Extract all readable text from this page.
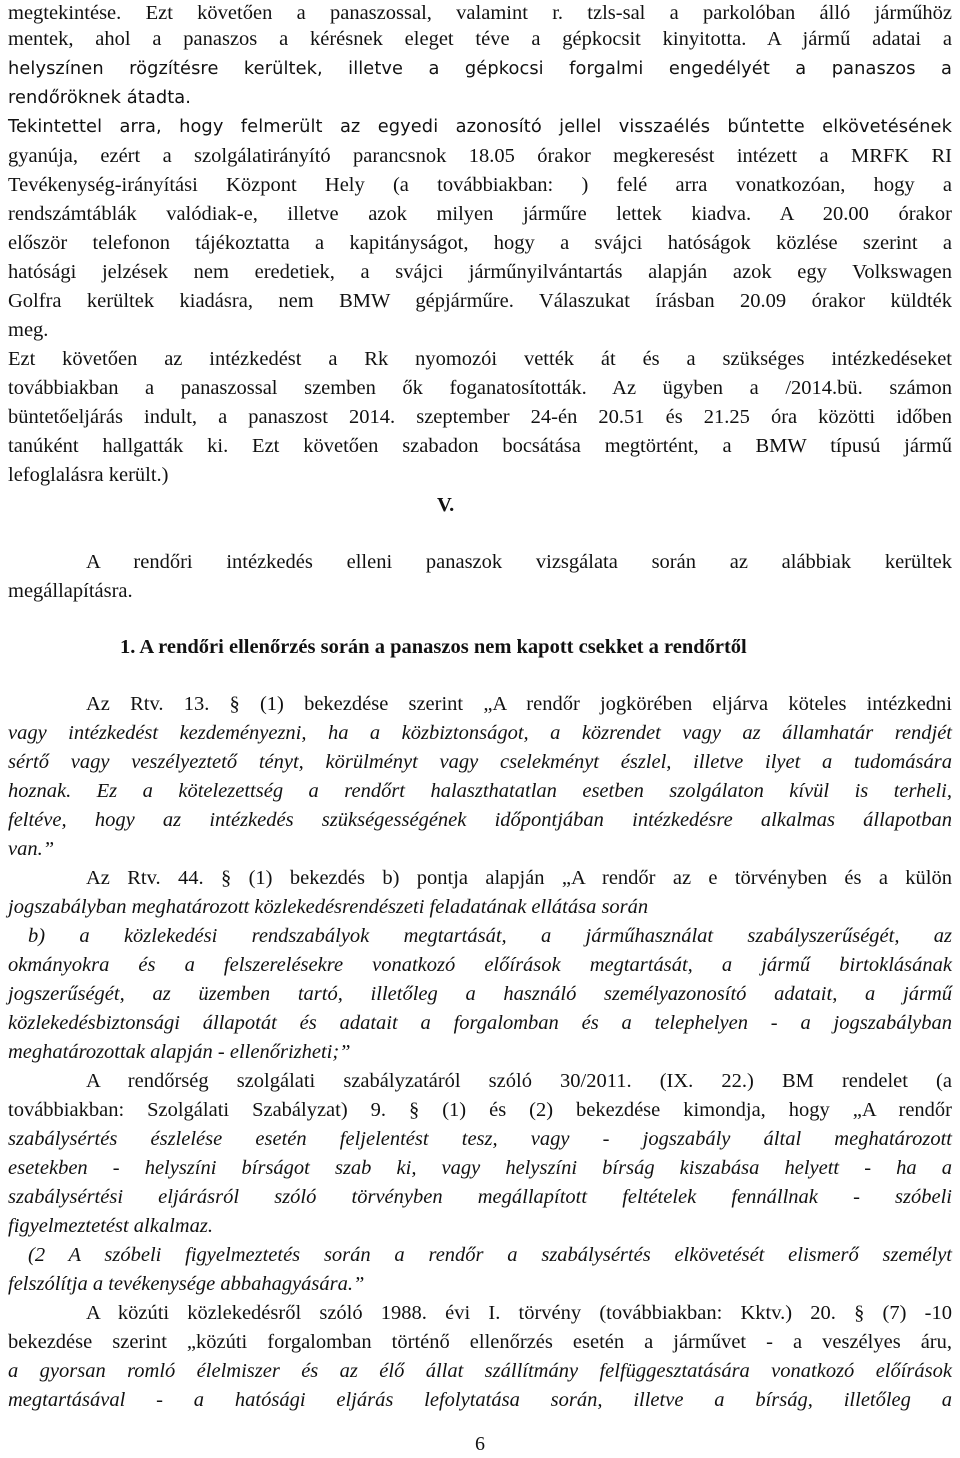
megtekintése. Ezt követően a panaszossal, valamint r. tzls-sal a parkolóban álló járműhöz
mentek, ahol a panaszos a kérésnek eleget téve a gépkocsit kinyitotta. A jármű adatai a
helyszínen rögzítésre kerültek, illetve a gépkocsi forgalmi engedélyét a panaszos a
rendőröknek átadta.
Tekintettel arra, hogy felmerült az egyedi azonosító jellel visszaélés bűntette elkövetésének
gyanúja, ezért a szolgálatirányító parancsnok 18.05 órakor megkeresést intézett a MRFK RI
Tevékenység-irányítási Központ Hely (a továbbiakban: ) felé arra vonatkozóan, hogy a
rendszámtáblák valódiak-e, illetve azok milyen járműre lettek kiadva. A 20.00 órakor
először telefonon tájékoztatta a kapitányságot, hogy a svájci hatóságok közlése szerint a
hatósági jelzések nem eredetiek, a svájci járműnyilvántartás alapján azok egy Volkswagen
Golfra kerültek kiadásra, nem BMW gépjárműre. Válaszukat írásban 20.09 órakor küldték
meg.
Ezt követően az intézkedést a Rk nyomozói vették át és a szükséges intézkedéseket
továbbiakban a panaszossal szemben ők foganatosították. Az ügyben a /2014.bü. számon
büntetőeljárás indult, a panaszost 2014. szeptember 24-én 20.51 és 21.25 óra közötti időben
tanúként hallgatták ki. Ezt követően szabadon bocsátása megtörtént, a BMW típusú jármű
lefoglalásra került.)
V.
A rendőri intézkedés elleni panaszok vizsgálata során az alábbiak kerültek
megállapításra.
1. A rendőri ellenőrzés során a panaszos nem kapott csekket a rendőrtől
Az Rtv. 13. § (1) bekezdése szerint „A rendőr jogkörében eljárva köteles intézkedni
vagy intézkedést kezdeményezni, ha a közbiztonságot, a közrendet vagy az államhatár rendjét
sértő vagy veszélyeztető tényt, körülményt vagy cselekményt észlel, illetve ilyet a tudomására
hoznak. Ez a kötelezettség a rendőrt halaszthatatlan esetben szolgálaton kívül is terheli,
feltéve, hogy az intézkedés szükségességének időpontjában intézkedésre alkalmas állapotban
van.”
Az Rtv. 44. § (1) bekezdés b) pontja alapján „A rendőr az e törvényben és a külön
jogszabályban meghatározott közlekedésrendészeti feladatának ellátása során
b) a közlekedési rendszabályok megtartását, a járműhasználat szabályszerűségét, az
okmányokra és a felszerelésekre vonatkozó előírások megtartását, a jármű birtoklásának
jogszerűségét, az üzemben tartó, illetőleg a használó személyazonosító adatait, a jármű
közlekedésbiztonsági állapotát és adatait a forgalomban és a telephelyen - a jogszabályban
meghatározottak alapján - ellenőrizheti;”
A rendőrség szolgálati szabályzatáról szóló 30/2011. (IX. 22.) BM rendelet (a
továbbiakban: Szolgálati Szabályzat) 9. § (1) és (2) bekezdése kimondja, hogy „A rendőr
szabálysértés észlelése esetén feljelentést tesz, vagy - jogszabály által meghatározott
esetekben - helyszíni bírságot szab ki, vagy helyszíni bírság kiszabása helyett - ha a
szabálysértési eljárásról szóló törvényben megállapított feltételek fennállnak - szóbeli
figyelmeztetést alkalmaz.
(2 A szóbeli figyelmeztetés során a rendőr a szabálysértés elkövetését elismerő személyt
felszólítja a tevékenysége abbahagyására.”
A közúti közlekedésről szóló 1988. évi I. törvény (továbbiakban: Kktv.) 20. § (7) -10
bekezdése szerint „közúti forgalomban történő ellenőrzés esetén a járművet - a veszélyes áru,
a gyorsan romló élelmiszer és az élő állat szállítmány felfüggesztatására vonatkozó előírások
megtartásával - a hatósági eljárás lefolytatása során, illetve a bírság, illetőleg a
6
